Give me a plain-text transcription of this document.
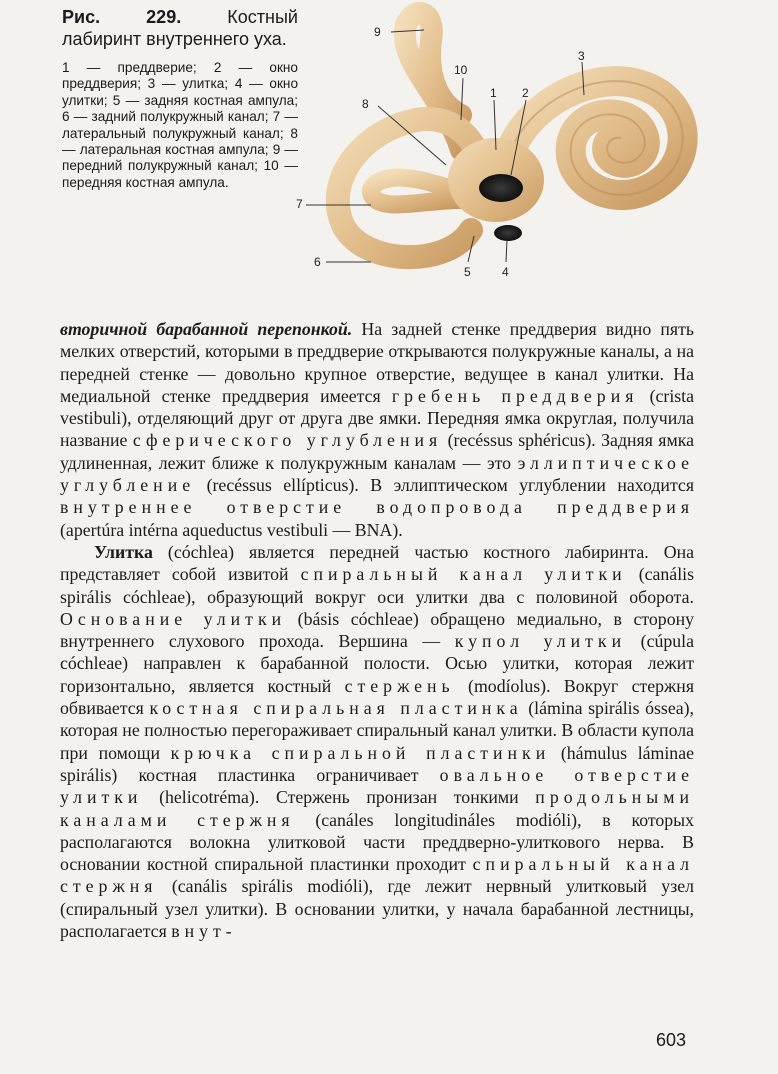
Рис. 229.	Костный лабиринт внутреннего уха.

1 — преддверие; 2 — окно преддверия; 3 — улитка; 4 — окно улитки; 5 — задняя костная ампула; 6 — задний полукружный канал; 7 — латеральный полукружный канал; 8 — латеральная костная ампула; 9 — передний полукружный канал; 10 — передняя костная ампула.

9
10
1 2
3
8
7
6
5	4

вторичной барабанной перепонкой. На задней стенке преддверия видно пять мелких отверстий, которыми в преддверие открываются полукружные каналы, а на передней стенке — довольно крупное отверстие, ведущее в канал улитки. На медиальной стенке преддверия имеется гребень преддверия (crista vestibuli), отделяющий друг от друга две ямки. Передняя ямка округлая, получила название сферического углубления (recéssus sphéricus). Задняя ямка удлиненная, лежит ближе к полукружным каналам — это эллиптическое углубление (recéssus ellípticus). В эллиптическом углублении находится внутреннее отверстие водопровода преддверия (apertúra intérna aqueductus vestibuli — BNA).

Улитка (cóchlea) является передней частью костного лабиринта. Она представляет собой извитой спиральный канал улитки (canális spirális cóchleae), образующий вокруг оси улитки два с половиной оборота. Основание улитки (básis cóchleae) обращено медиально, в сторону внутреннего слухового прохода. Вершина — купол улитки (cúpula cóchleae) направлен к барабанной полости. Осью улитки, которая лежит горизонтально, является костный стержень (modíolus). Вокруг стержня обвивается костная спиральная пластинка (lámina spirális óssea), которая не полностью перегораживает спиральный канал улитки. В области купола при помощи крючка спиральной пластинки (hámulus láminae spirális) костная пластинка ограничивает овальное отверстие улитки (helicotréma). Стержень пронизан тонкими продольными каналами стержня (canáles longitudináles modióli), в которых располагаются волокна улитковой части преддверно-улиткового нерва. В основании костной спиральной пластинки проходит спиральный канал стержня (canális spirális modióli), где лежит нервный улитковый узел (спиральный узел улитки). В основании улитки, у начала барабанной лестницы, располагается внут-

603
